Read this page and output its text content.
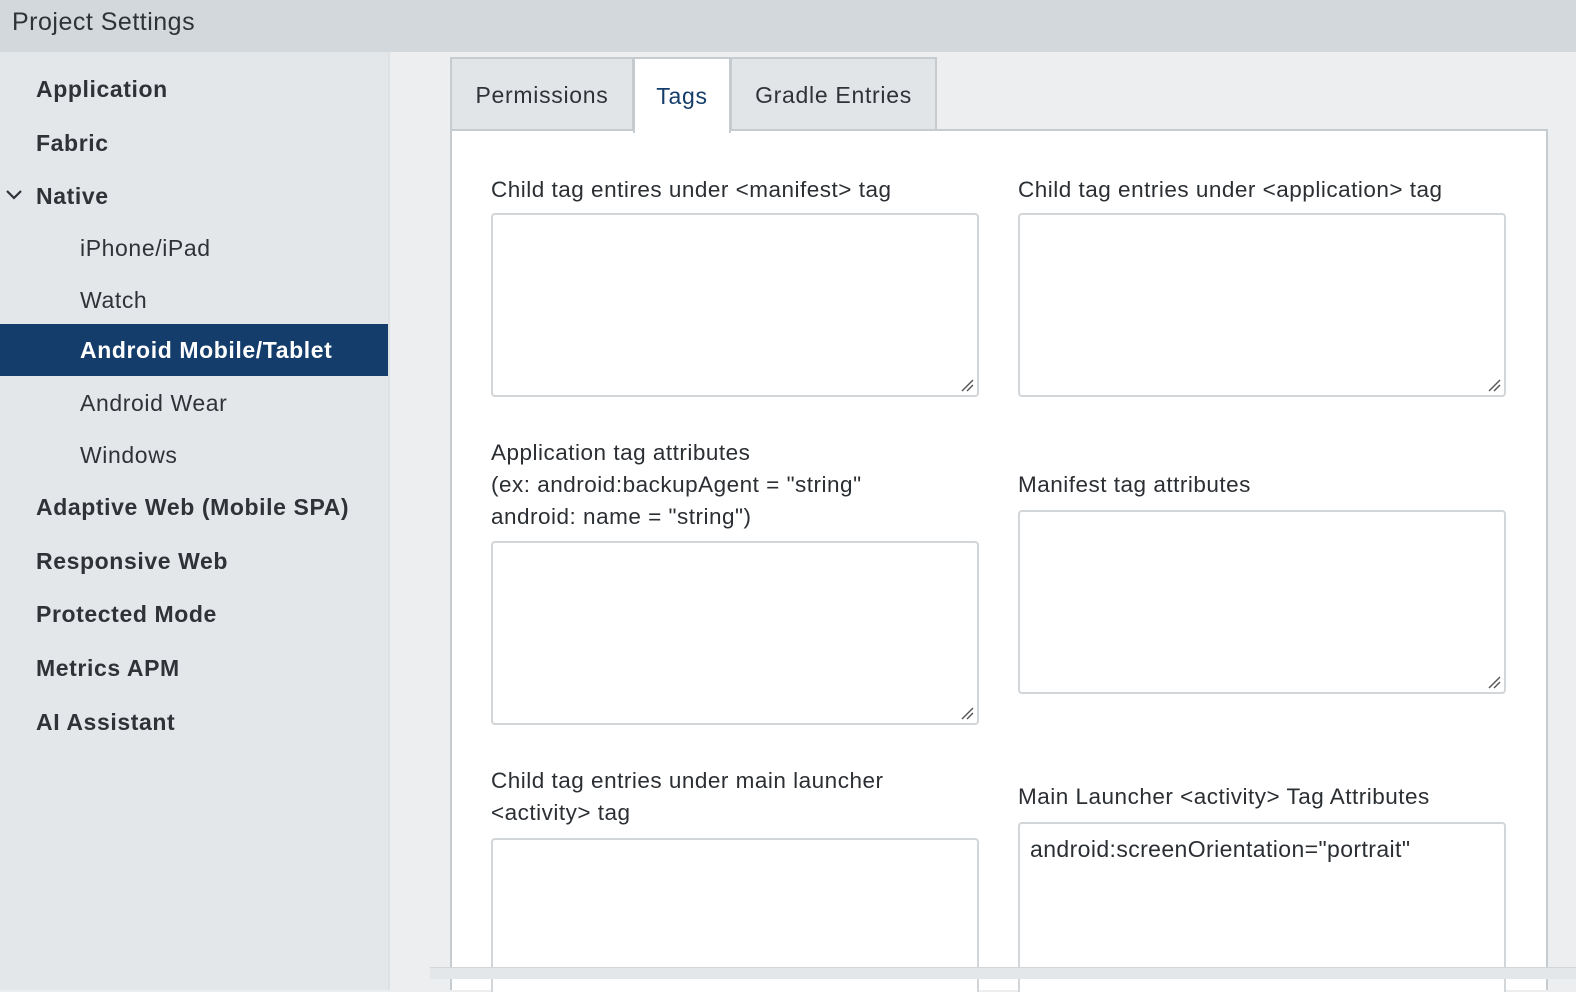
Project Settings
Application
Fabric
Native
iPhone/iPad
Watch
Android Mobile/Tablet
Android Wear
Windows
Adaptive Web (Mobile SPA)
Responsive Web
Protected Mode
Metrics APM
AI Assistant
Permissions Tags Gradle Entries
Child tag entires under <manifest> tag	Child tag entries under <application> tag
Application tag attributes
(ex: android:backupAgent = "string"
android: name = "string")
Manifest tag attributes
Child tag entries under main launcher
<activity> tag
Main Launcher <activity> Tag Attributes
android:screenOrientation="portrait"
